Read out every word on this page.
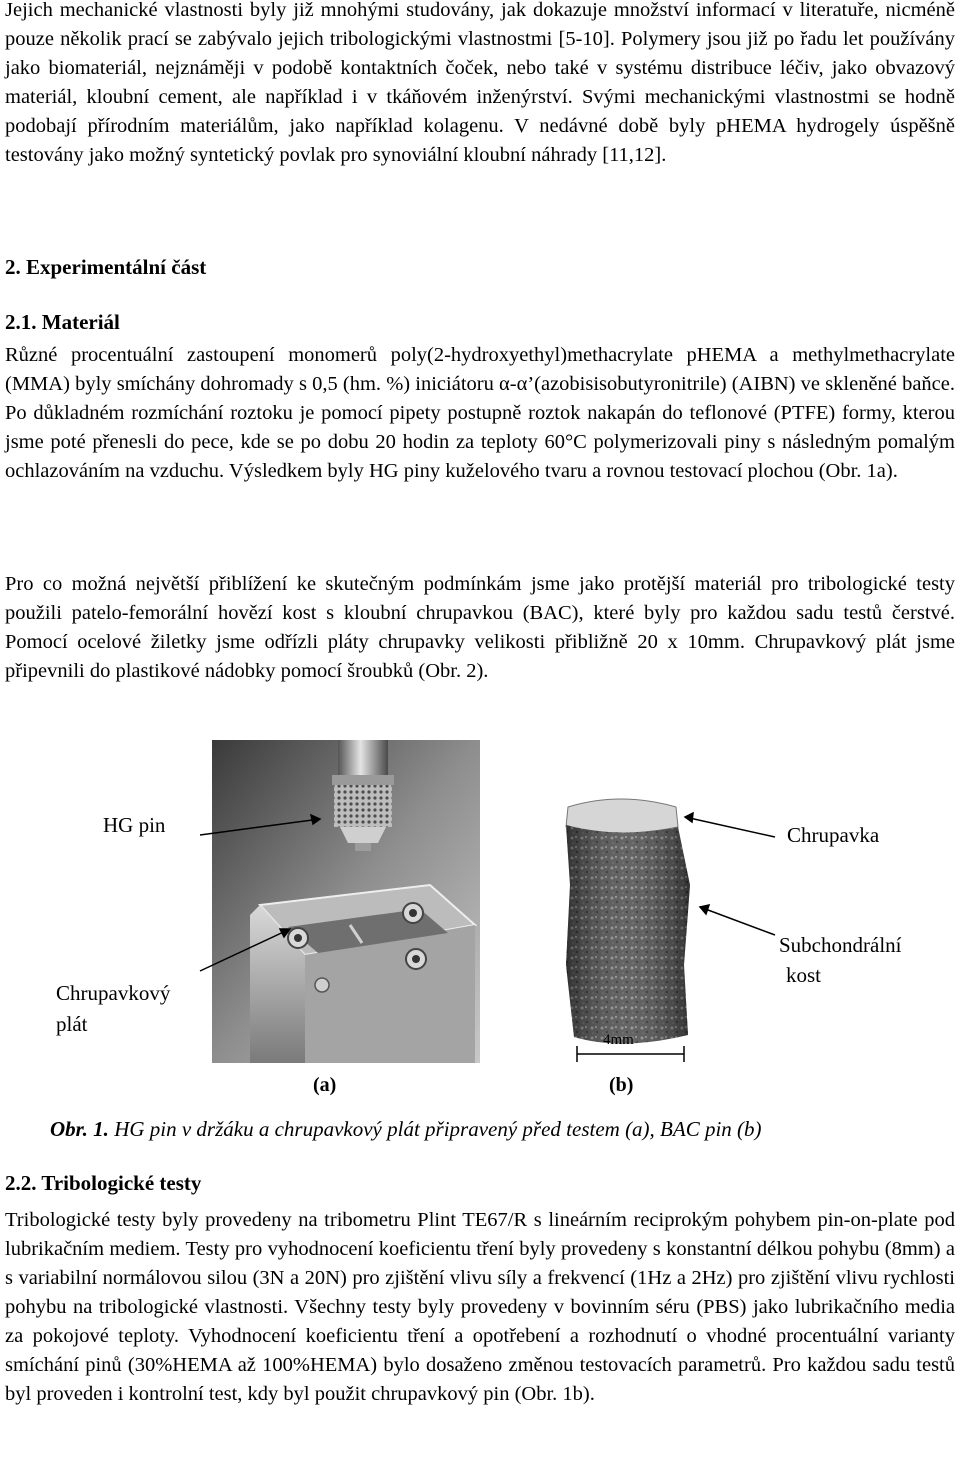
Jejich mechanické vlastnosti byly již mnohými studovány, jak dokazuje množství informací v literatuře, nicméně pouze několik prací se zabývalo jejich tribologickými vlastnostmi [5-10]. Polymery jsou již po řadu let používány jako biomateriál, nejznáměji v podobě kontaktních čoček, nebo také v systému distribuce léčiv, jako obvazový materiál, kloubní cement, ale například i v tkáňovém inženýrství. Svými mechanickými vlastnostmi se hodně podobají přírodním materiálům, jako například kolagenu. V nedávné době byly pHEMA hydrogely úspěšně testovány jako možný syntetický povlak pro synoviální kloubní náhrady [11,12].

2. Experimentální část
2.1. Materiál

Různé procentuální zastoupení monomerů poly(2-hydroxyethyl)methacrylate pHEMA a methylmethacrylate (MMA) byly smíchány dohromady s 0,5 (hm. %) iniciátoru α-α’(azobisisobutyronitrile) (AIBN) ve skleněné baňce. Po důkladném rozmíchání roztoku je pomocí pipety postupně roztok nakapán do teflonové (PTFE) formy, kterou jsme poté přenesli do pece, kde se po dobu 20 hodin za teploty 60°C polymerizovali piny s následným pomalým ochlazováním na vzduchu. Výsledkem byly HG piny kuželového tvaru a rovnou testovací plochou (Obr. 1a).

Pro co možná největší přiblížení ke skutečným podmínkám jsme jako protější materiál pro tribologické testy použili patelo-femorální hovězí kost s kloubní chrupavkou (BAC), které byly pro každou sadu testů čerstvé. Pomocí ocelové žiletky jsme odřízli pláty chrupavky velikosti přibližně 20 x 10mm. Chrupavkový plát jsme připevnili do plastikové nádobky pomocí šroubků (Obr. 2).

HG pin
Chrupavkový
plát
Chrupavka
Subchondrální
kost
4mm
(a)	(b)
Obr. 1. HG pin v držáku a chrupavkový plát připravený před testem (a), BAC pin (b)
2.2. Tribologické testy

Tribologické testy byly provedeny na tribometru Plint TE67/R s lineárním reciprokým pohybem pin-on-plate pod lubrikačním mediem. Testy pro vyhodnocení koeficientu tření byly provedeny s konstantní délkou pohybu (8mm) a s variabilní normálovou silou (3N a 20N) pro zjištění vlivu síly a frekvencí (1Hz a 2Hz) pro zjištění vlivu rychlosti pohybu na tribologické vlastnosti. Všechny testy byly provedeny v bovinním séru (PBS) jako lubrikačního media za pokojové teploty. Vyhodnocení koeficientu tření a opotřebení a rozhodnutí o vhodné procentuální varianty smíchání pinů (30%HEMA až 100%HEMA) bylo dosaženo změnou testovacích parametrů. Pro každou sadu testů byl proveden i kontrolní test, kdy byl použit chrupavkový pin (Obr. 1b).
